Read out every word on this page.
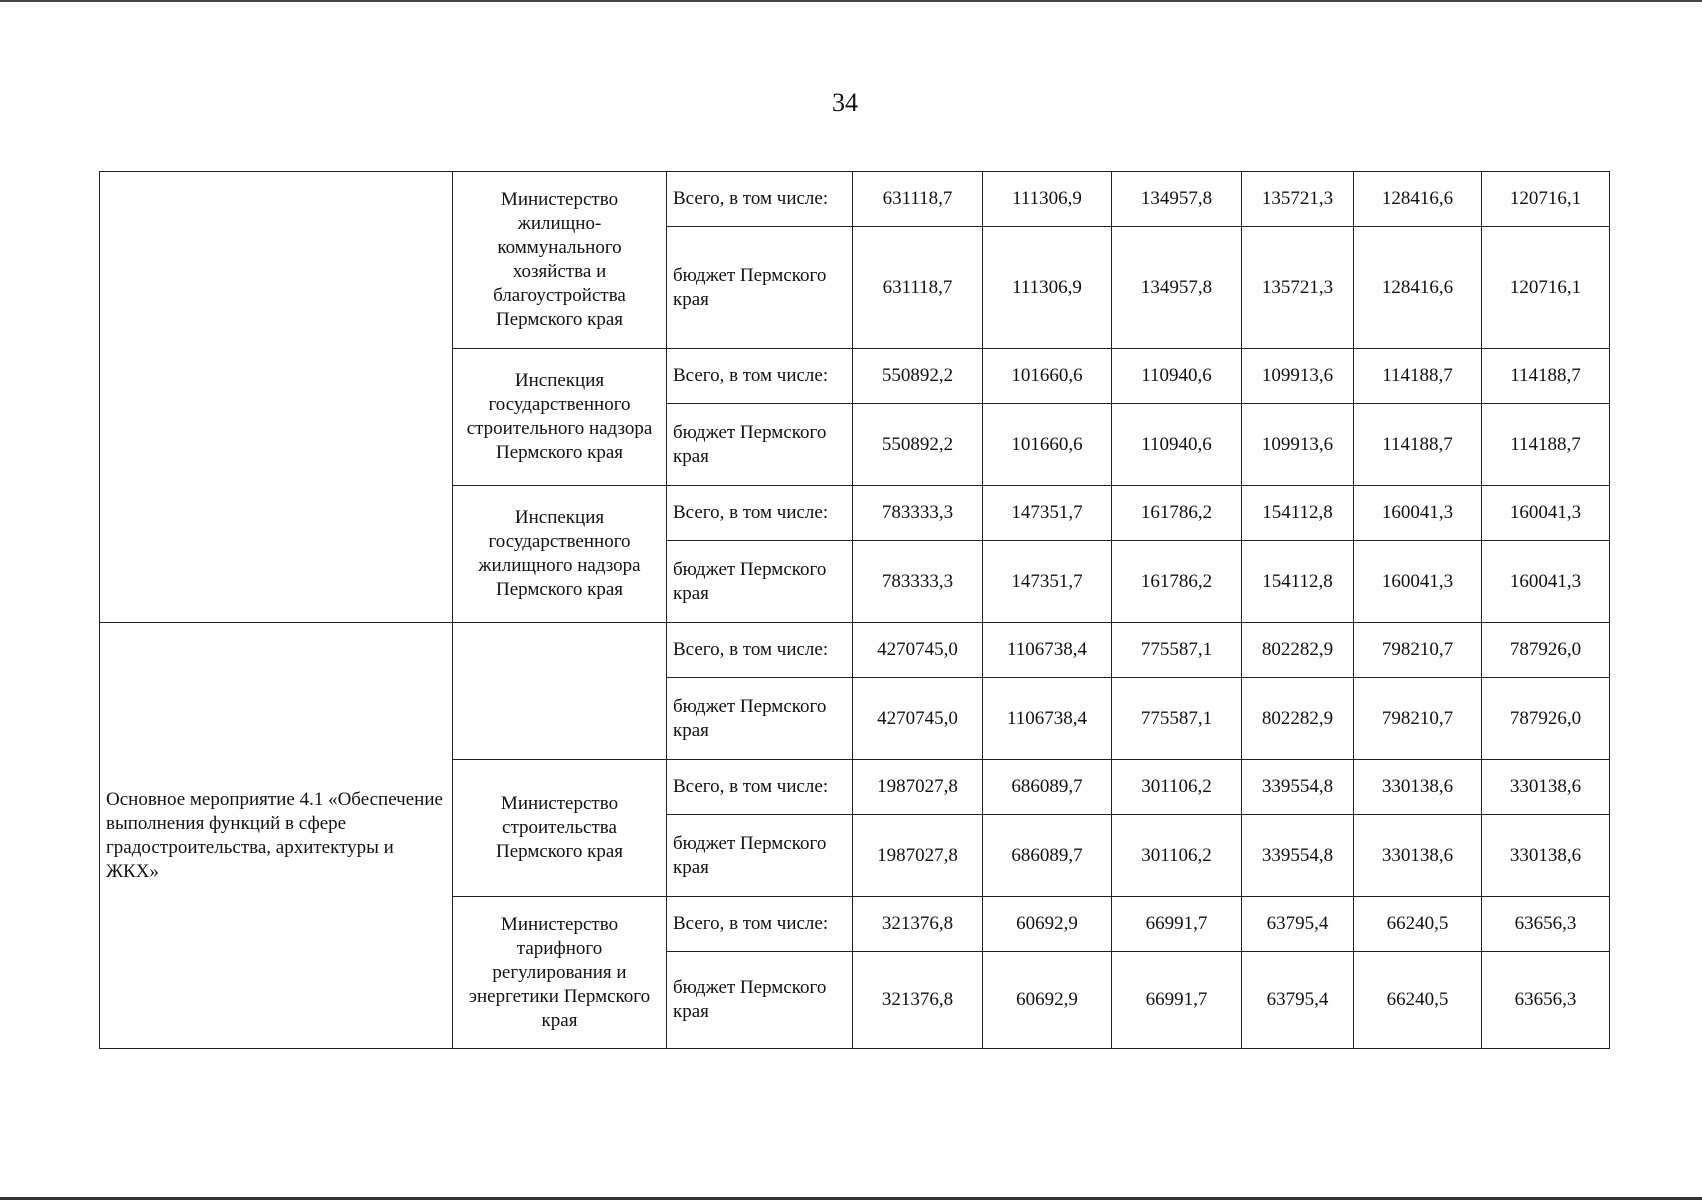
34
	Министерство жилищно-коммунального хозяйства и благоустройства Пермского края	Всего, в том числе:	631118,7	111306,9	134957,8	135721,3	128416,6	120716,1
		бюджет Пермского края	631118,7	111306,9	134957,8	135721,3	128416,6	120716,1
	Инспекция государственного строительного надзора Пермского края	Всего, в том числе:	550892,2	101660,6	110940,6	109913,6	114188,7	114188,7
		бюджет Пермского края	550892,2	101660,6	110940,6	109913,6	114188,7	114188,7
	Инспекция государственного жилищного надзора Пермского края	Всего, в том числе:	783333,3	147351,7	161786,2	154112,8	160041,3	160041,3
		бюджет Пермского края	783333,3	147351,7	161786,2	154112,8	160041,3	160041,3
Основное мероприятие 4.1 «Обеспечение выполнения функций в сфере градостроительства, архитектуры и ЖКХ»		Всего, в том числе:	4270745,0	1106738,4	775587,1	802282,9	798210,7	787926,0
		бюджет Пермского края	4270745,0	1106738,4	775587,1	802282,9	798210,7	787926,0
	Министерство строительства Пермского края	Всего, в том числе:	1987027,8	686089,7	301106,2	339554,8	330138,6	330138,6
		бюджет Пермского края	1987027,8	686089,7	301106,2	339554,8	330138,6	330138,6
	Министерство тарифного регулирования и энергетики Пермского края	Всего, в том числе:	321376,8	60692,9	66991,7	63795,4	66240,5	63656,3
		бюджет Пермского края	321376,8	60692,9	66991,7	63795,4	66240,5	63656,3
